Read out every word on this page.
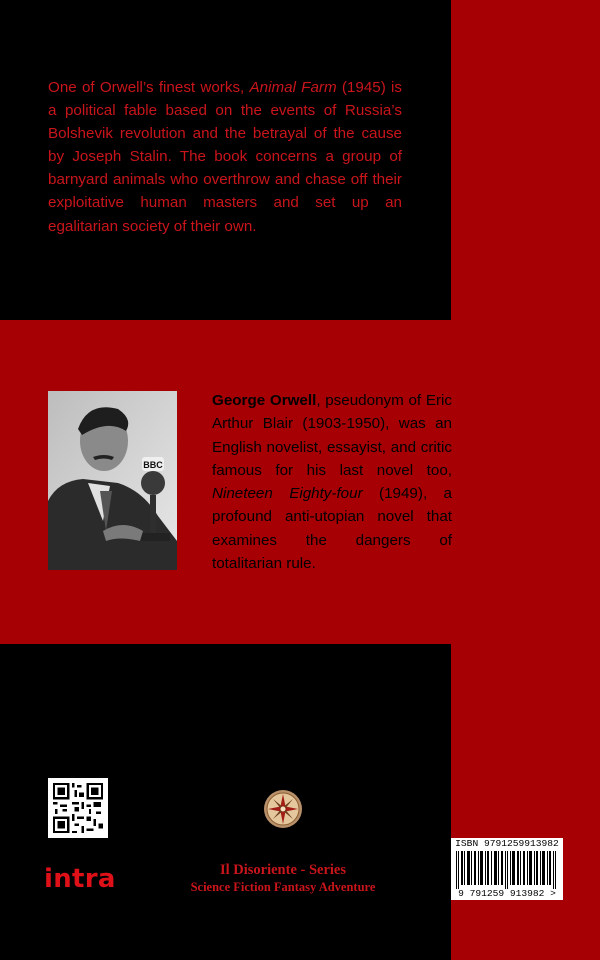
One of Orwell’s finest works, Animal Farm (1945) is a political fable based on the events of Russia’s Bolshevik revolution and the betrayal of the cause by Joseph Stalin. The book concerns a group of barnyard animals who overthrow and chase off their exploitative human masters and set up an egalitarian society of their own.
BBC
George Orwell, pseudonym of Eric Arthur Blair (1903-1950), was an English novelist, essayist, and critic famous for his last novel too, Nineteen Eighty-four (1949), a profound anti-utopian novel that examines the dangers of totalitarian rule.
intra	Il Disoriente - Series
Science Fiction Fantasy Adventure
ISBN 9791259913982
9 791259 913982 >
